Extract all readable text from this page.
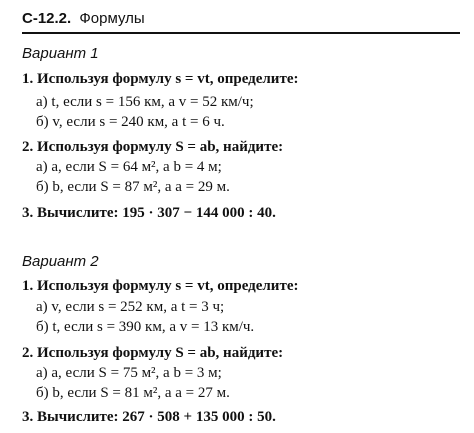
С-12.2. Формулы
Вариант 1
1. Используя формулу s = vt, определите:
а) t, если s = 156 км, а v = 52 км/ч;
б) v, если s = 240 км, а t = 6 ч.
2. Используя формулу S = ab, найдите:
а) a, если S = 64 м², а b = 4 м;
б) b, если S = 87 м², а a = 29 м.
3. Вычислите: 195 · 307 − 144 000 : 40.
Вариант 2
1. Используя формулу s = vt, определите:
а) v, если s = 252 км, а t = 3 ч;
б) t, если s = 390 км, а v = 13 км/ч.
2. Используя формулу S = ab, найдите:
а) a, если S = 75 м², а b = 3 м;
б) b, если S = 81 м², а a = 27 м.
3. Вычислите: 267 · 508 + 135 000 : 50.
